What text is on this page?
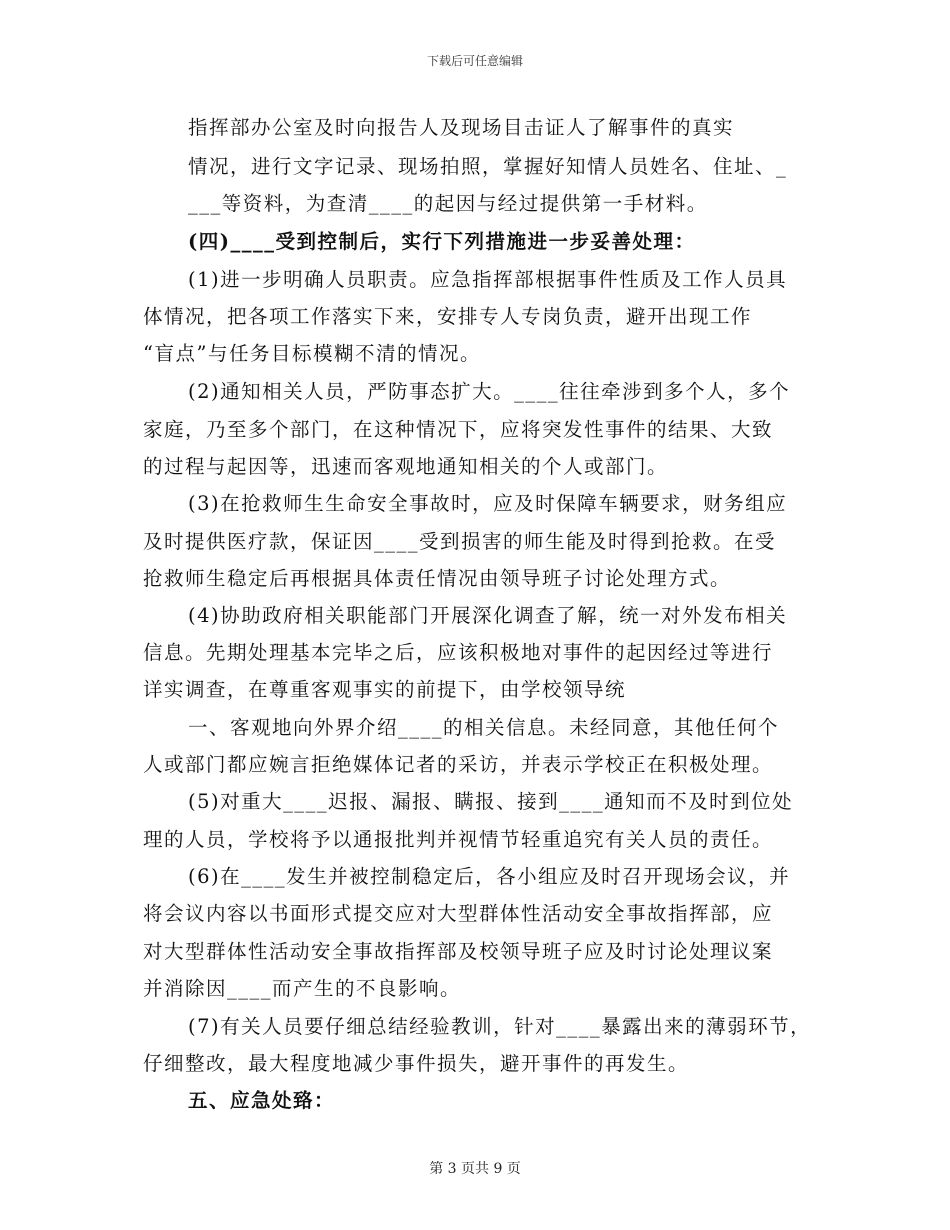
下载后可任意编辑
指挥部办公室及时向报告人及现场目击证人了解事件的真实
情况，进行文字记录、现场拍照，掌握好知情人员姓名、住址、_
___等资料，为查清____的起因与经过提供第一手材料。
(四)____受到控制后，实行下列措施进一步妥善处理：
(1)进一步明确人员职责。应急指挥部根据事件性质及工作人员具
体情况，把各项工作落实下来，安排专人专岗负责，避开出现工作
“盲点”与任务目标模糊不清的情况。
(2)通知相关人员，严防事态扩大。____往往牵涉到多个人，多个
家庭，乃至多个部门，在这种情况下，应将突发性事件的结果、大致
的过程与起因等，迅速而客观地通知相关的个人或部门。
(3)在抢救师生生命安全事故时，应及时保障车辆要求，财务组应
及时提供医疗款，保证因____受到损害的师生能及时得到抢救。在受
抢救师生稳定后再根据具体责任情况由领导班子讨论处理方式。
(4)协助政府相关职能部门开展深化调查了解，统一对外发布相关
信息。先期处理基本完毕之后，应该积极地对事件的起因经过等进行
详实调查，在尊重客观事实的前提下，由学校领导统
一、客观地向外界介绍____的相关信息。未经同意，其他任何个
人或部门都应婉言拒绝媒体记者的采访，并表示学校正在积极处理。
(5)对重大____迟报、漏报、瞒报、接到____通知而不及时到位处
理的人员，学校将予以通报批判并视情节轻重追究有关人员的责任。
(6)在____发生并被控制稳定后，各小组应及时召开现场会议，并
将会议内容以书面形式提交应对大型群体性活动安全事故指挥部，应
对大型群体性活动安全事故指挥部及校领导班子应及时讨论处理议案
并消除因____而产生的不良影响。
(7)有关人员要仔细总结经验教训，针对____暴露出来的薄弱环节，
仔细整改，最大程度地减少事件损失，避开事件的再发生。
五、应急处臵：
第 3 页共 9 页
